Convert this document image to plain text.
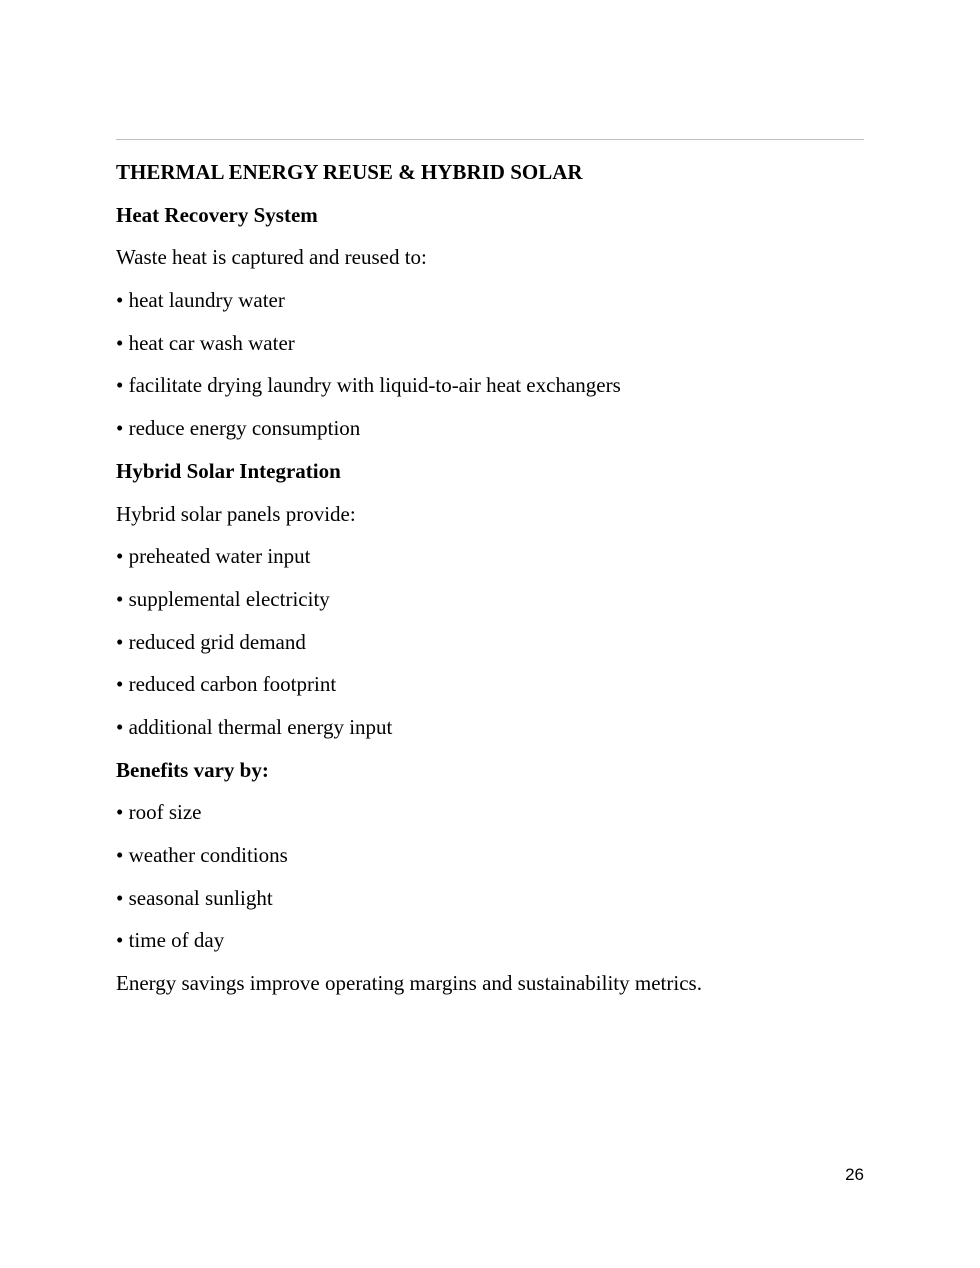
THERMAL ENERGY REUSE & HYBRID SOLAR
Heat Recovery System
Waste heat is captured and reused to:
• heat laundry water
• heat car wash water
• facilitate drying laundry with liquid-to-air heat exchangers
• reduce energy consumption
Hybrid Solar Integration
Hybrid solar panels provide:
• preheated water input
• supplemental electricity
• reduced grid demand
• reduced carbon footprint
• additional thermal energy input
Benefits vary by:
• roof size
• weather conditions
• seasonal sunlight
• time of day
Energy savings improve operating margins and sustainability metrics.
26
